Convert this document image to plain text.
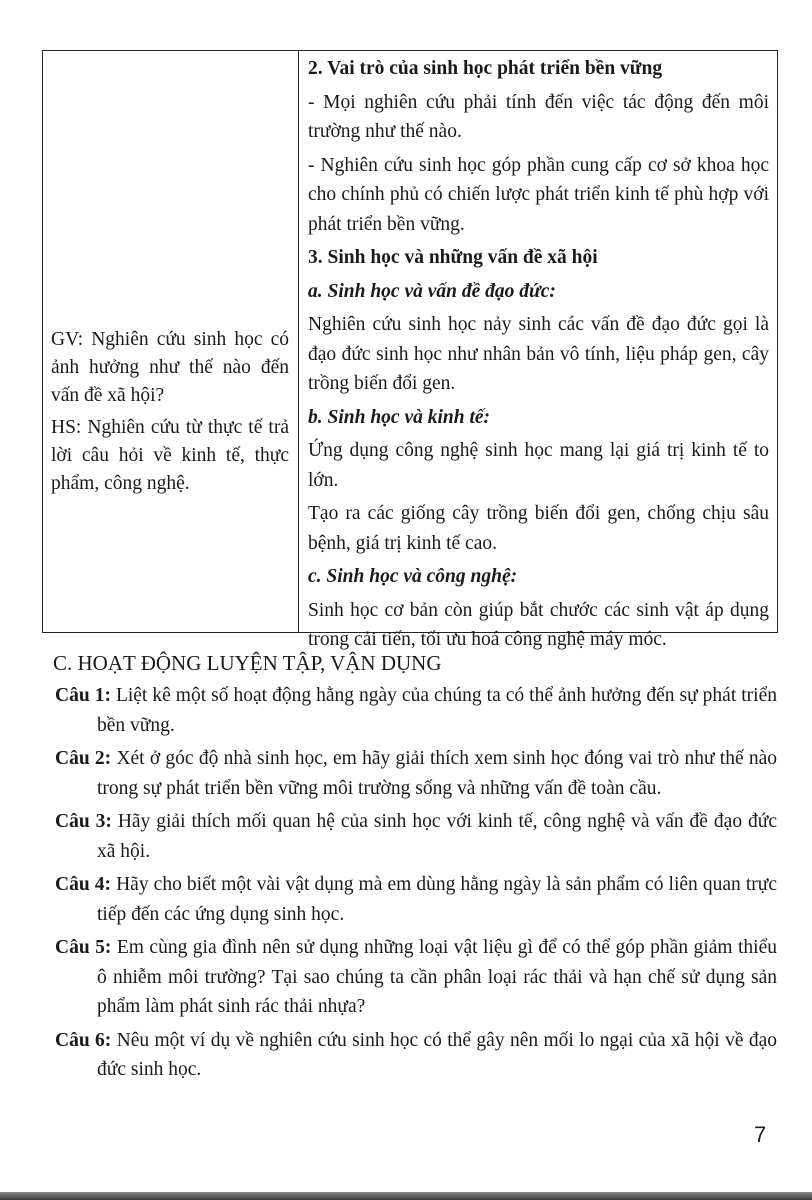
GV: Nghiên cứu sinh học có ảnh hưởng như thế nào đến vấn đề xã hội?

HS: Nghiên cứu từ thực tế trả lời câu hỏi về kinh tế, thực phẩm, công nghệ.

2. Vai trò của sinh học phát triển bền vững

- Mọi nghiên cứu phải tính đến việc tác động đến môi trường như thế nào.

- Nghiên cứu sinh học góp phần cung cấp cơ sở khoa học cho chính phủ có chiến lược phát triển kinh tế phù hợp với phát triển bền vững.

3. Sinh học và những vấn đề xã hội

a. Sinh học và vấn đề đạo đức:

Nghiên cứu sinh học nảy sinh các vấn đề đạo đức gọi là đạo đức sinh học như nhân bản vô tính, liệu pháp gen, cây trồng biến đổi gen.

b. Sinh học và kinh tế:

Ứng dụng công nghệ sinh học mang lại giá trị kinh tế to lớn.

Tạo ra các giống cây trồng biến đổi gen, chống chịu sâu bệnh, giá trị kinh tế cao.

c. Sinh học và công nghệ:

Sinh học cơ bản còn giúp bắt chước các sinh vật áp dụng trong cải tiến, tối ưu hoá công nghệ máy móc.

C. HOẠT ĐỘNG LUYỆN TẬP, VẬN DỤNG

Câu 1: Liệt kê một số hoạt động hằng ngày của chúng ta có thể ảnh hưởng đến sự phát triển bền vững.

Câu 2: Xét ở góc độ nhà sinh học, em hãy giải thích xem sinh học đóng vai trò như thế nào trong sự phát triển bền vững môi trường sống và những vấn đề toàn cầu.

Câu 3: Hãy giải thích mối quan hệ của sinh học với kinh tế, công nghệ và vấn đề đạo đức xã hội.

Câu 4: Hãy cho biết một vài vật dụng mà em dùng hằng ngày là sản phẩm có liên quan trực tiếp đến các ứng dụng sinh học.

Câu 5: Em cùng gia đình nên sử dụng những loại vật liệu gì để có thể góp phần giảm thiểu ô nhiễm môi trường? Tại sao chúng ta cần phân loại rác thải và hạn chế sử dụng sản phẩm làm phát sinh rác thải nhựa?

Câu 6: Nêu một ví dụ về nghiên cứu sinh học có thể gây nên mối lo ngại của xã hội về đạo đức sinh học.

7
